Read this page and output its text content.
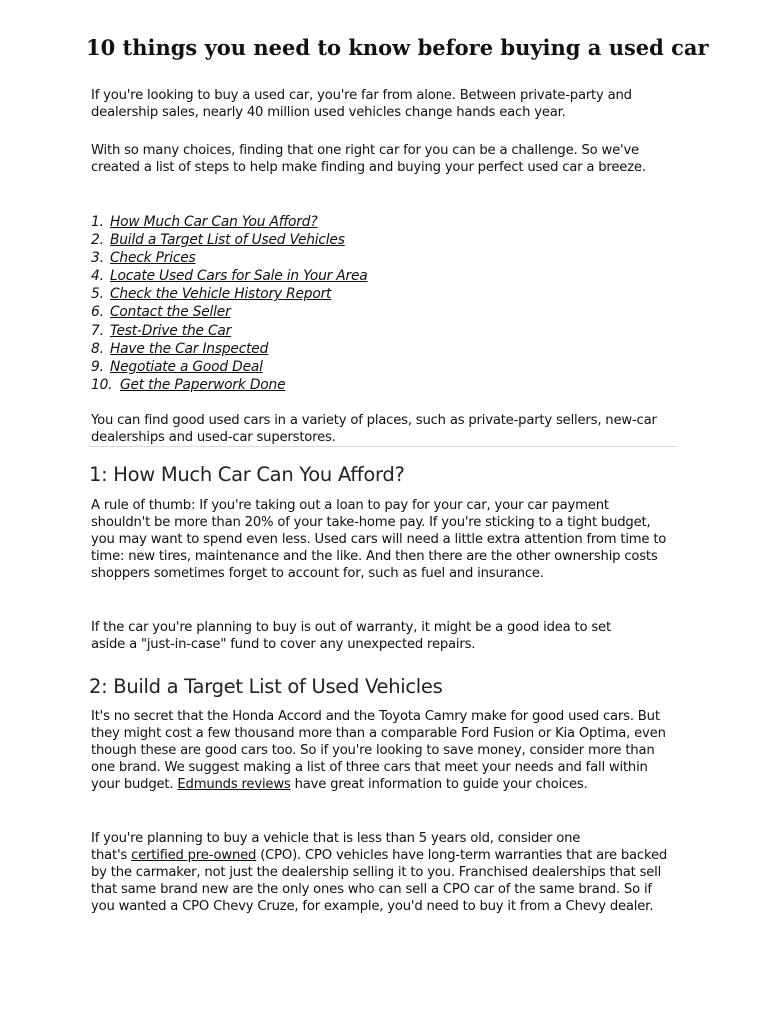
10 things you need to know before buying a used car

If you're looking to buy a used car, you're far from alone. Between private-party and
dealership sales, nearly 40 million used vehicles change hands each year.

With so many choices, finding that one right car for you can be a challenge. So we've
created a list of steps to help make finding and buying your perfect used car a breeze.

1. How Much Car Can You Afford?
2. Build a Target List of Used Vehicles
3. Check Prices
4. Locate Used Cars for Sale in Your Area
5. Check the Vehicle History Report
6. Contact the Seller
7. Test-Drive the Car
8. Have the Car Inspected
9. Negotiate a Good Deal
10. Get the Paperwork Done

You can find good used cars in a variety of places, such as private-party sellers, new-car
dealerships and used-car superstores.

1: How Much Car Can You Afford?

A rule of thumb: If you're taking out a loan to pay for your car, your car payment
shouldn't be more than 20% of your take-home pay. If you're sticking to a tight budget,
you may want to spend even less. Used cars will need a little extra attention from time to
time: new tires, maintenance and the like. And then there are the other ownership costs
shoppers sometimes forget to account for, such as fuel and insurance.

If the car you're planning to buy is out of warranty, it might be a good idea to set
aside a "just-in-case" fund to cover any unexpected repairs.

2: Build a Target List of Used Vehicles

It's no secret that the Honda Accord and the Toyota Camry make for good used cars. But
they might cost a few thousand more than a comparable Ford Fusion or Kia Optima, even
though these are good cars too. So if you're looking to save money, consider more than
one brand. We suggest making a list of three cars that meet your needs and fall within
your budget. Edmunds reviews have great information to guide your choices.

If you're planning to buy a vehicle that is less than 5 years old, consider one
that's certified pre-owned (CPO). CPO vehicles have long-term warranties that are backed
by the carmaker, not just the dealership selling it to you. Franchised dealerships that sell
that same brand new are the only ones who can sell a CPO car of the same brand. So if
you wanted a CPO Chevy Cruze, for example, you'd need to buy it from a Chevy dealer.
